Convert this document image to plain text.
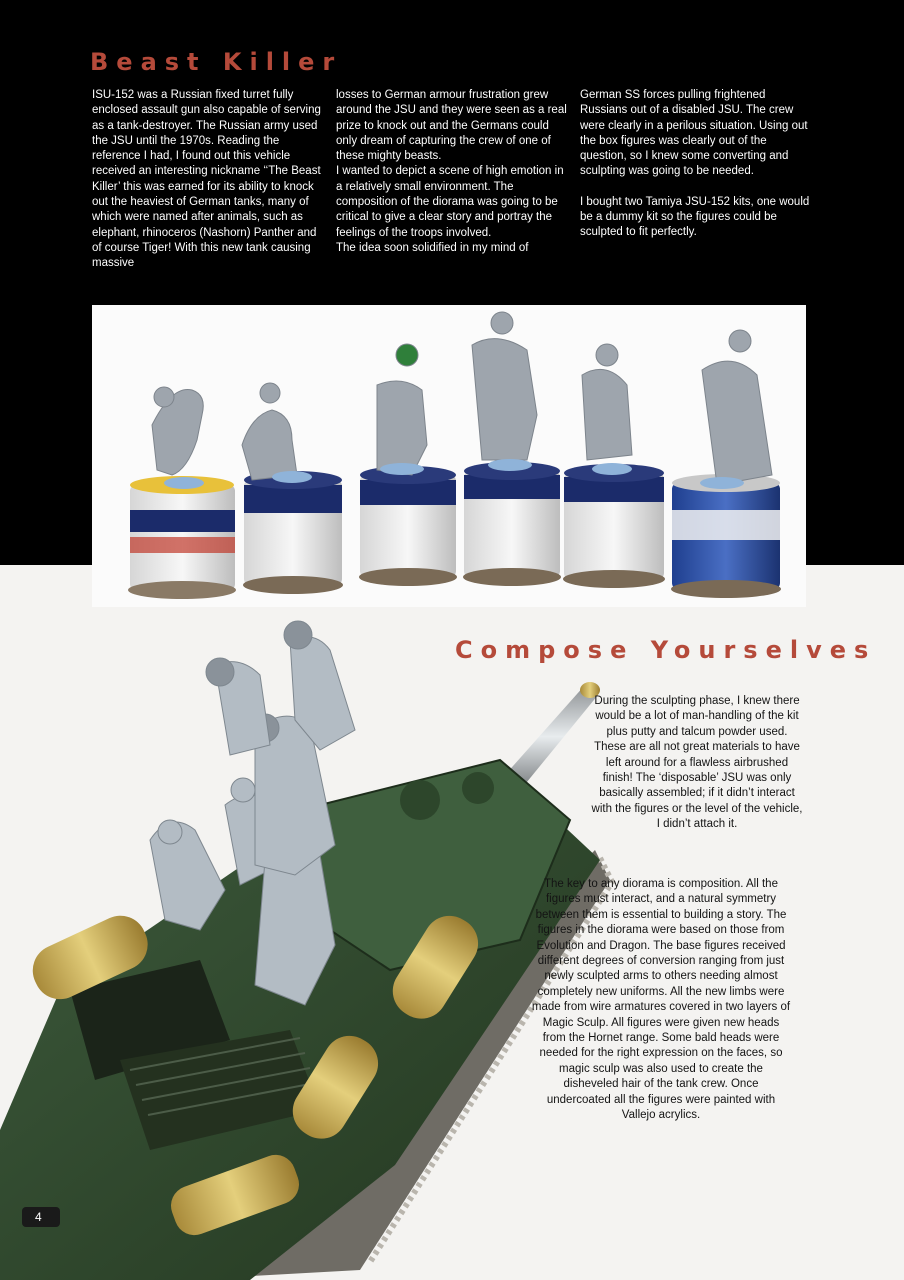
Beast Killer

ISU-152 was a Russian fixed turret fully enclosed assault gun also capable of serving as a tank-destroyer. The Russian army used the JSU until the 1970s. Reading the reference I had, I found out this vehicle received an interesting nickname ‘‘The Beast Killer’ this was earned for its ability to knock out the heaviest of German tanks, many of which were named after animals, such as elephant, rhinoceros (Nashorn) Panther and of course Tiger! With this new tank causing massive

losses to German armour frustration grew around the JSU and they were seen as a real prize to knock out and the Germans could only dream of capturing the crew of one of these mighty beasts.

I wanted to depict a scene of high emotion in a relatively small environment. The composition of the diorama was going to be critical to give a clear story and portray the feelings of the troops involved.

The idea soon solidified in my mind of

German SS forces pulling frightened Russians out of a disabled JSU. The crew were clearly in a perilous situation. Using out the box figures was clearly out of the question, so I knew some converting and sculpting was going to be needed.

I bought two Tamiya JSU-152 kits, one would be a dummy kit so the figures could be sculpted to fit perfectly.

Compose Yourselves

During the sculpting phase, I knew there would be a lot of man-handling of the kit plus putty and talcum powder used. These are all not great materials to have left around for a flawless airbrushed finish! The ‘disposable’ JSU was only basically assembled; if it didn’t interact with the figures or the level of the vehicle, I didn’t attach it.

The key to any diorama is composition. All the figures must interact, and a natural symmetry between them is essential to building a story. The figures in the diorama were based on those from Evolution and Dragon. The base figures received different degrees of conversion ranging from just newly sculpted arms to others needing almost completely new uniforms. All the new limbs were made from wire armatures covered in two layers of Magic Sculp. All figures were given new heads from the Hornet range. Some bald heads were needed for the right expression on the faces, so magic sculp was also used to create the disheveled hair of the tank crew. Once undercoated all the figures were painted with Vallejo acrylics.

4
